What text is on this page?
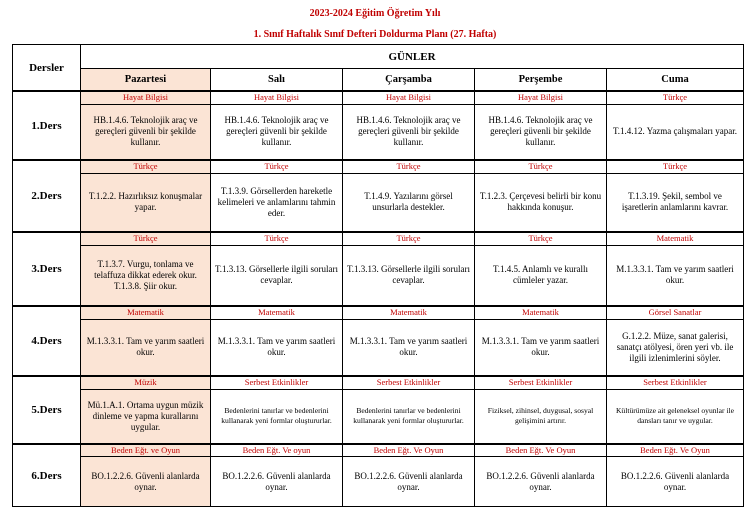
2023-2024 Eğitim Öğretim Yılı
1. Sınıf Haftalık Sınıf Defteri Doldurma Planı (27. Hafta)
Dersler	GÜNLER				
	Pazartesi	Salı	Çarşamba	Perşembe	Cuma
1.Ders	Hayat Bilgisi	Hayat Bilgisi	Hayat Bilgisi	Hayat Bilgisi	Türkçe
	HB.1.4.6. Teknolojik araç ve gereçleri güvenli bir şekilde kullanır.	HB.1.4.6. Teknolojik araç ve gereçleri güvenli bir şekilde kullanır.	HB.1.4.6. Teknolojik araç ve gereçleri güvenli bir şekilde kullanır.	HB.1.4.6. Teknolojik araç ve gereçleri güvenli bir şekilde kullanır.	T.1.4.12. Yazma çalışmaları yapar.
2.Ders	Türkçe	Türkçe	Türkçe	Türkçe	Türkçe
	T.1.2.2. Hazırlıksız konuşmalar yapar.	T.1.3.9. Görsellerden hareketle kelimeleri ve anlamlarını tahmin eder.	T.1.4.9. Yazılarını görsel unsurlarla destekler.	T.1.2.3. Çerçevesi belirli bir konu hakkında konuşur.	T.1.3.19. Şekil, sembol ve işaretlerin anlamlarını kavrar.
3.Ders	Türkçe	Türkçe	Türkçe	Türkçe	Matematik
	T.1.3.7. Vurgu, tonlama ve telaffuza dikkat ederek okur.
T.1.3.8. Şiir okur.	T.1.3.13. Görsellerle ilgili soruları cevaplar.	T.1.3.13. Görsellerle ilgili soruları cevaplar.	T.1.4.5. Anlamlı ve kurallı cümleler yazar.	M.1.3.3.1. Tam ve yarım saatleri okur.
4.Ders	Matematik	Matematik	Matematik	Matematik	Görsel Sanatlar
	M.1.3.3.1. Tam ve yarım saatleri okur.	M.1.3.3.1. Tam ve yarım saatleri okur.	M.1.3.3.1. Tam ve yarım saatleri okur.	M.1.3.3.1. Tam ve yarım saatleri okur.	G.1.2.2. Müze, sanat galerisi, sanatçı atölyesi, ören yeri vb. ile ilgili izlenimlerini söyler.
5.Ders	Müzik	Serbest Etkinlikler	Serbest Etkinlikler	Serbest Etkinlikler	Serbest Etkinlikler
	Mü.1.A.1. Ortama uygun müzik dinleme ve yapma kurallarını uygular.	Bedenlerini tanırlar ve bedenlerini kullanarak yeni formlar oluştururlar.	Bedenlerini tanırlar ve bedenlerini kullanarak yeni formlar oluştururlar.	Fiziksel, zihinsel, duygusal, sosyal gelişimini artırır.	Kültürümüze ait geleneksel oyunlar ile dansları tanır ve uygular.
6.Ders	Beden Eğt. ve Oyun	Beden Eğt. Ve oyun	Beden Eğt. Ve Oyun	Beden Eğt. Ve Oyun	Beden Eğt. Ve Oyun
	BO.1.2.2.6. Güvenli alanlarda oynar.	BO.1.2.2.6. Güvenli alanlarda oynar.	BO.1.2.2.6. Güvenli alanlarda oynar.	BO.1.2.2.6. Güvenli alanlarda oynar.	BO.1.2.2.6. Güvenli alanlarda oynar.
